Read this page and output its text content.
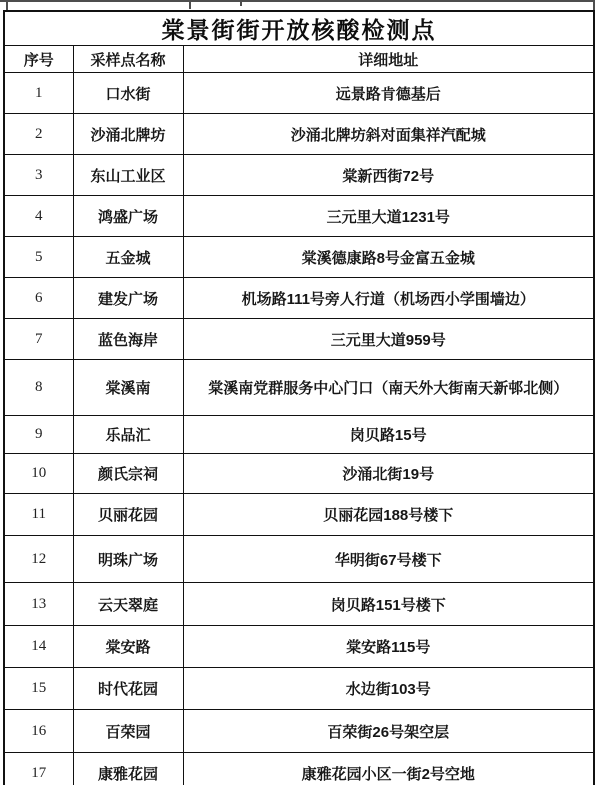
棠景街街开放核酸检测点		
序号	采样点名称	详细地址
1	口水街	远景路肯德基后
2	沙涌北牌坊	沙涌北牌坊斜对面集祥汽配城
3	东山工业区	棠新西街72号
4	鸿盛广场	三元里大道1231号
5	五金城	棠溪德康路8号金富五金城
6	建发广场	机场路111号旁人行道（机场西小学围墙边）
7	蓝色海岸	三元里大道959号
8	棠溪南	棠溪南党群服务中心门口（南天外大街南天新邨北侧）
9	乐品汇	岗贝路15号
10	颜氏宗祠	沙涌北街19号
11	贝丽花园	贝丽花园188号楼下
12	明珠广场	华明街67号楼下
13	云天翠庭	岗贝路151号楼下
14	棠安路	棠安路115号
15	时代花园	水边街103号
16	百荣园	百荣街26号架空层
17	康雅花园	康雅花园小区一街2号空地
